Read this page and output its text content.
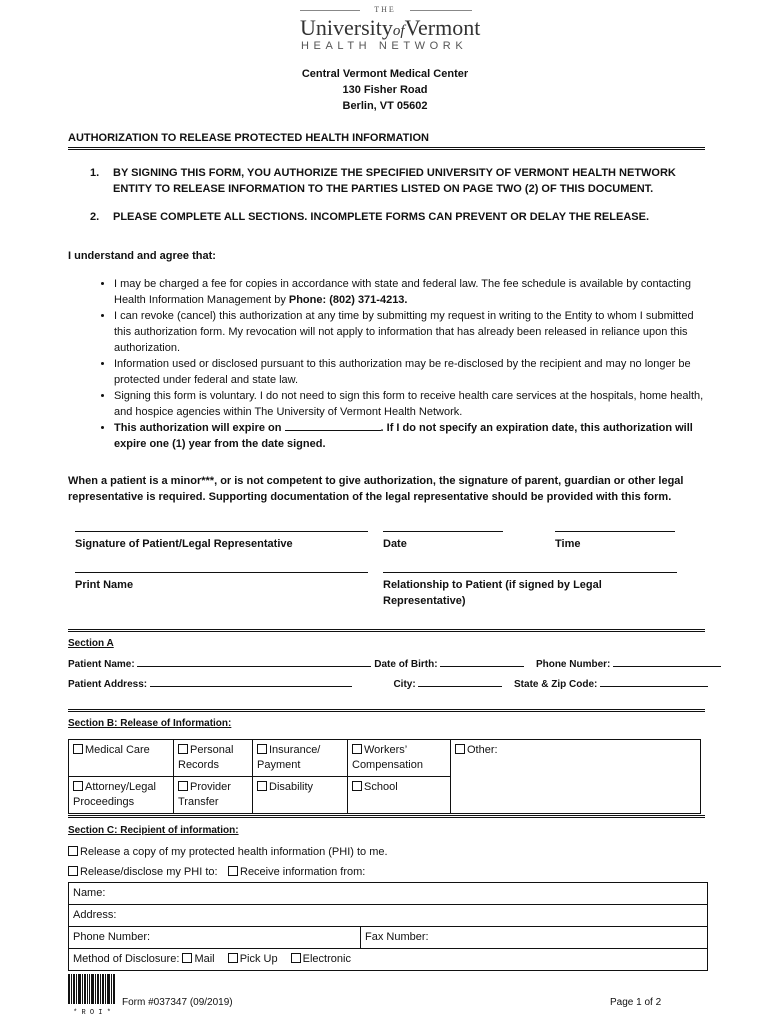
THE
UniversityofVermont
HEALTH NETWORK
Central Vermont Medical Center
130 Fisher Road
Berlin, VT 05602
AUTHORIZATION TO RELEASE PROTECTED HEALTH INFORMATION
1. BY SIGNING THIS FORM, YOU AUTHORIZE THE SPECIFIED UNIVERSITY OF VERMONT HEALTH NETWORK ENTITY TO RELEASE INFORMATION TO THE PARTIES LISTED ON PAGE TWO (2) OF THIS DOCUMENT.
2. PLEASE COMPLETE ALL SECTIONS. INCOMPLETE FORMS CAN PREVENT OR DELAY THE RELEASE.
I understand and agree that:
• I may be charged a fee for copies in accordance with state and federal law. The fee schedule is available by contacting Health Information Management by Phone: (802) 371-4213.
• I can revoke (cancel) this authorization at any time by submitting my request in writing to the Entity to whom I submitted this authorization form. My revocation will not apply to information that has already been released in reliance upon this authorization.
• Information used or disclosed pursuant to this authorization may be re-disclosed by the recipient and may no longer be protected under federal and state law.
• Signing this form is voluntary. I do not need to sign this form to receive health care services at the hospitals, home health, and hospice agencies within The University of Vermont Health Network.
• This authorization will expire on	. If I do not specify an expiration date, this authorization will expire one (1) year from the date signed.
When a patient is a minor***, or is not competent to give authorization, the signature of parent, guardian or other legal representative is required. Supporting documentation of the legal representative should be provided with this form.
Signature of Patient/Legal Representative	Date	Time
Print Name	Relationship to Patient (if signed by Legal Representative)
Section A
Patient Name:	Date of Birth:	Phone Number:
Patient Address:	City:	State & Zip Code:
Section B: Release of Information:
Medical Care	Personal Records	Insurance/ Payment	Workers’ Compensation	Other:
Attorney/Legal Proceedings	Provider Transfer	Disability	School	
Section C: Recipient of information:
Release a copy of my protected health information (PHI) to me.
Release/disclose my PHI to:	Receive information from:
Name:
Address:
Phone Number:	Fax Number:
Method of Disclosure: Mail Pick Up Electronic
* R O I *
Form #037347 (09/2019)	Page 1 of 2
